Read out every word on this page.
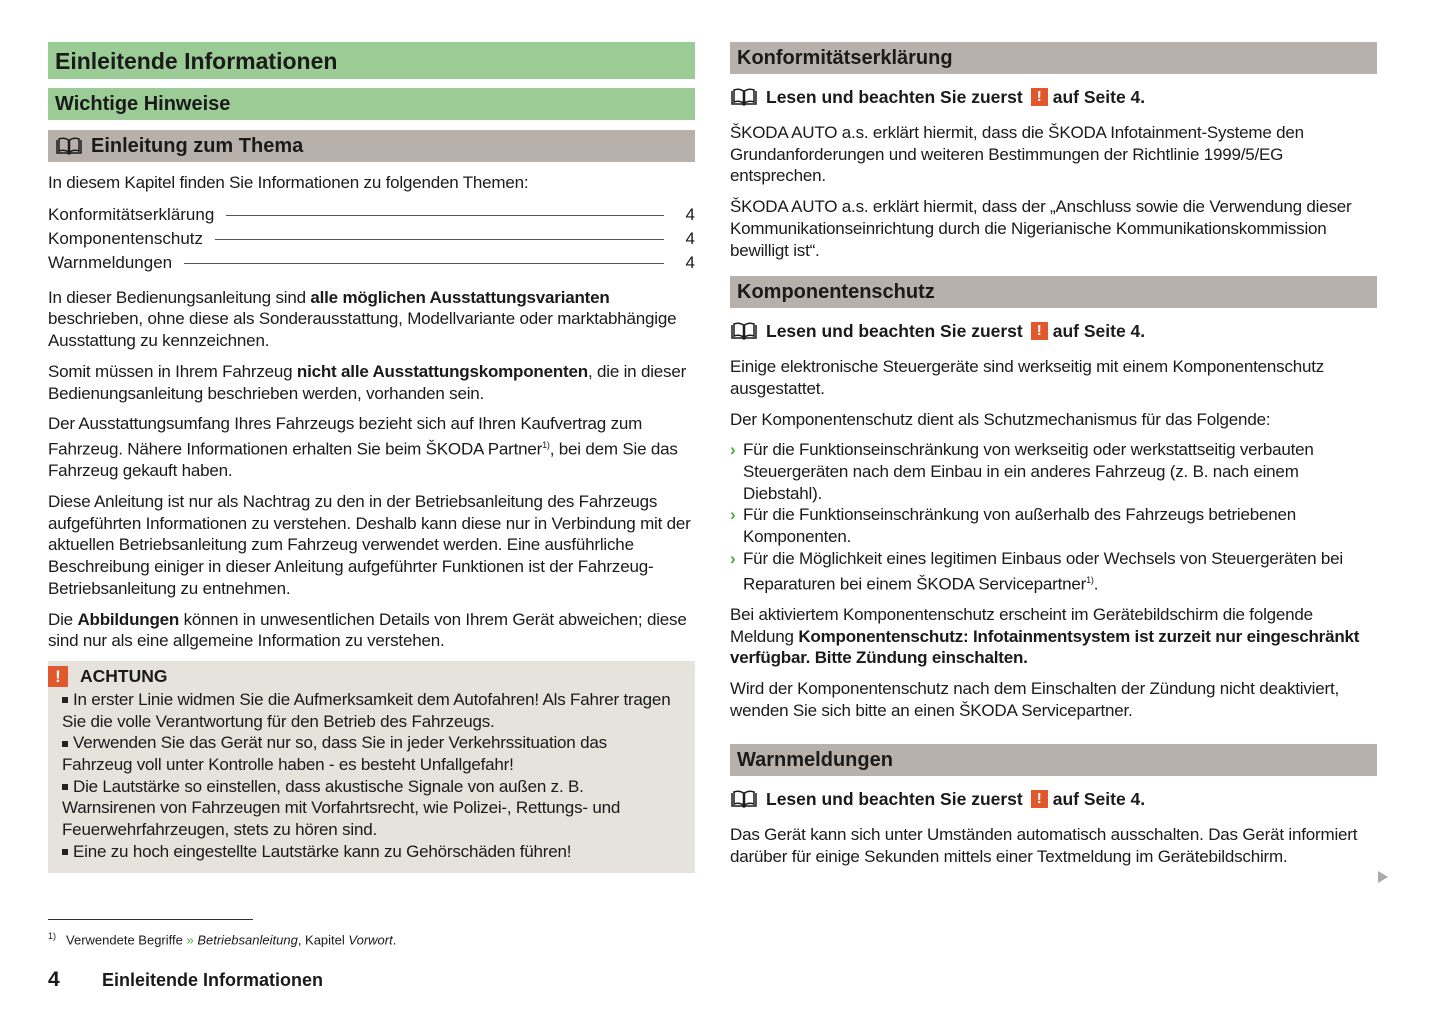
Einleitende Informationen
Wichtige Hinweise
Einleitung zum Thema

In diesem Kapitel finden Sie Informationen zu folgenden Themen:

Konformitätserklärung	4
Komponentenschutz	4
Warnmeldungen	4

In dieser Bedienungsanleitung sind alle möglichen Ausstattungsvarianten beschrieben, ohne diese als Sonderausstattung, Modellvariante oder marktabhängige Ausstattung zu kennzeichnen.

Somit müssen in Ihrem Fahrzeug nicht alle Ausstattungskomponenten, die in dieser Bedienungsanleitung beschrieben werden, vorhanden sein.

Der Ausstattungsumfang Ihres Fahrzeugs bezieht sich auf Ihren Kaufvertrag zum Fahrzeug. Nähere Informationen erhalten Sie beim ŠKODA Partner$^{1)}$, bei dem Sie das Fahrzeug gekauft haben.

Diese Anleitung ist nur als Nachtrag zu den in der Betriebsanleitung des Fahrzeugs aufgeführten Informationen zu verstehen. Deshalb kann diese nur in Verbindung mit der aktuellen Betriebsanleitung zum Fahrzeug verwendet werden. Eine ausführliche Beschreibung einiger in dieser Anleitung aufgeführter Funktionen ist der Fahrzeug-Betriebsanleitung zu entnehmen.

Die Abbildungen können in unwesentlichen Details von Ihrem Gerät abweichen; diese sind nur als eine allgemeine Information zu verstehen.

!	ACHTUNG
In erster Linie widmen Sie die Aufmerksamkeit dem Autofahren! Als Fahrer tragen Sie die volle Verantwortung für den Betrieb des Fahrzeugs.
Verwenden Sie das Gerät nur so, dass Sie in jeder Verkehrssituation das Fahrzeug voll unter Kontrolle haben - es besteht Unfallgefahr!
Die Lautstärke so einstellen, dass akustische Signale von außen z. B. Warnsirenen von Fahrzeugen mit Vorfahrtsrecht, wie Polizei-, Rettungs- und Feuerwehrfahrzeugen, stets zu hören sind.
Eine zu hoch eingestellte Lautstärke kann zu Gehörschäden führen!
Konformitätserklärung
Lesen und beachten Sie zuerst ! auf Seite 4.

ŠKODA AUTO a.s. erklärt hiermit, dass die ŠKODA Infotainment-Systeme den Grundanforderungen und weiteren Bestimmungen der Richtlinie 1999/5/EG entsprechen.

ŠKODA AUTO a.s. erklärt hiermit, dass der „Anschluss sowie die Verwendung dieser Kommunikationseinrichtung durch die Nigerianische Kommunikationskommission bewilligt ist“.

Komponentenschutz
Lesen und beachten Sie zuerst ! auf Seite 4.

Einige elektronische Steuergeräte sind werkseitig mit einem Komponentenschutz ausgestattet.

Der Komponentenschutz dient als Schutzmechanismus für das Folgende:

› Für die Funktionseinschränkung von werkseitig oder werkstattseitig verbauten Steuergeräten nach dem Einbau in ein anderes Fahrzeug (z. B. nach einem Diebstahl).
› Für die Funktionseinschränkung von außerhalb des Fahrzeugs betriebenen Komponenten.
› Für die Möglichkeit eines legitimen Einbaus oder Wechsels von Steuergeräten bei Reparaturen bei einem ŠKODA Servicepartner$^{1)}$.

Bei aktiviertem Komponentenschutz erscheint im Gerätebildschirm die folgende Meldung Komponentenschutz: Infotainmentsystem ist zurzeit nur eingeschränkt verfügbar. Bitte Zündung einschalten.

Wird der Komponentenschutz nach dem Einschalten der Zündung nicht deaktiviert, wenden Sie sich bitte an einen ŠKODA Servicepartner.

Warnmeldungen
Lesen und beachten Sie zuerst ! auf Seite 4.

Das Gerät kann sich unter Umständen automatisch ausschalten. Das Gerät informiert darüber für einige Sekunden mittels einer Textmeldung im Gerätebildschirm.

$^{1)}$ Verwendete Begriffe » Betriebsanleitung, Kapitel Vorwort.
4 Einleitende Informationen
